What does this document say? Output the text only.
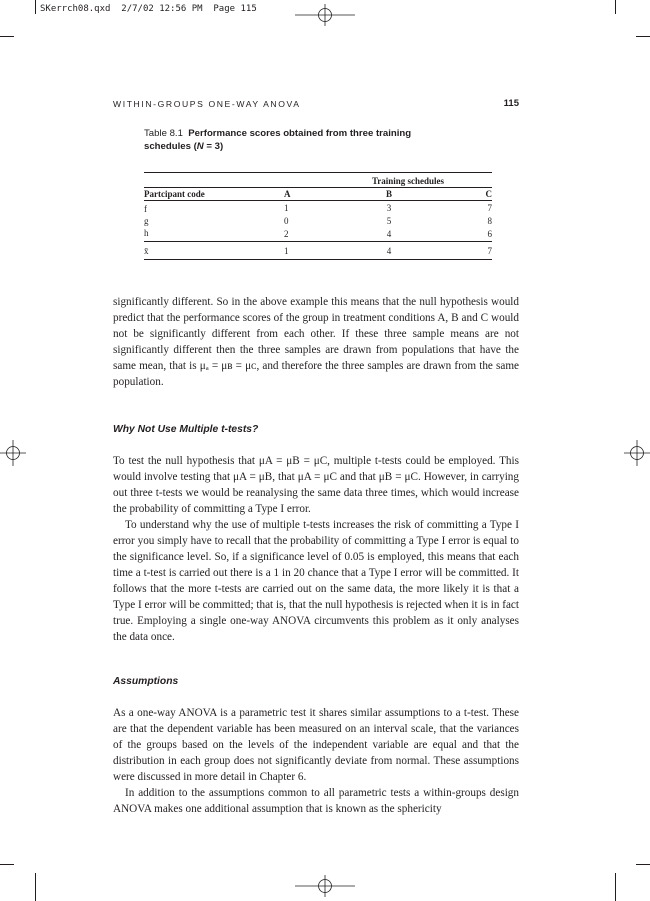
SKerrch08.qxd  2/7/02 12:56 PM  Page 115
WITHIN-GROUPS ONE-WAY ANOVA	115
Table 8.1 Performance scores obtained from three training
schedules (N = 3)
	Training schedules		
Partcipant code	A	B	C
f	1	3	7
g	0	5	8
h	2	4	6
x̄	1	4	7

significantly different. So in the above example this means that the null hypothesis would predict that the performance scores of the group in treatment conditions A, B and C would not be significantly different from each other. If these three sample means are not significantly different then the three samples are drawn from populations that have the same mean, that is μₐ = μʙ = μᴄ, and therefore the three samples are drawn from the same population.

Why Not Use Multiple t-tests?

To test the null hypothesis that μA = μB = μC, multiple t-tests could be employed. This would involve testing that μA = μB, that μA = μC and that μB = μC. However, in carrying out three t-tests we would be reanalysing the same data three times, which would increase the probability of committing a Type I error.

To understand why the use of multiple t-tests increases the risk of committing a Type I error you simply have to recall that the probability of committing a Type I error is equal to the significance level. So, if a significance level of 0.05 is employed, this means that each time a t-test is carried out there is a 1 in 20 chance that a Type I error will be committed. It follows that the more t-tests are carried out on the same data, the more likely it is that a Type I error will be committed; that is, that the null hypothesis is rejected when it is in fact true. Employing a single one-way ANOVA circumvents this problem as it only analyses the data once.

Assumptions

As a one-way ANOVA is a parametric test it shares similar assumptions to a t-test. These are that the dependent variable has been measured on an interval scale, that the variances of the groups based on the levels of the independent variable are equal and that the distribution in each group does not significantly deviate from normal. These assumptions were discussed in more detail in Chapter 6.

In addition to the assumptions common to all parametric tests a within-groups design ANOVA makes one additional assumption that is known as the sphericity
